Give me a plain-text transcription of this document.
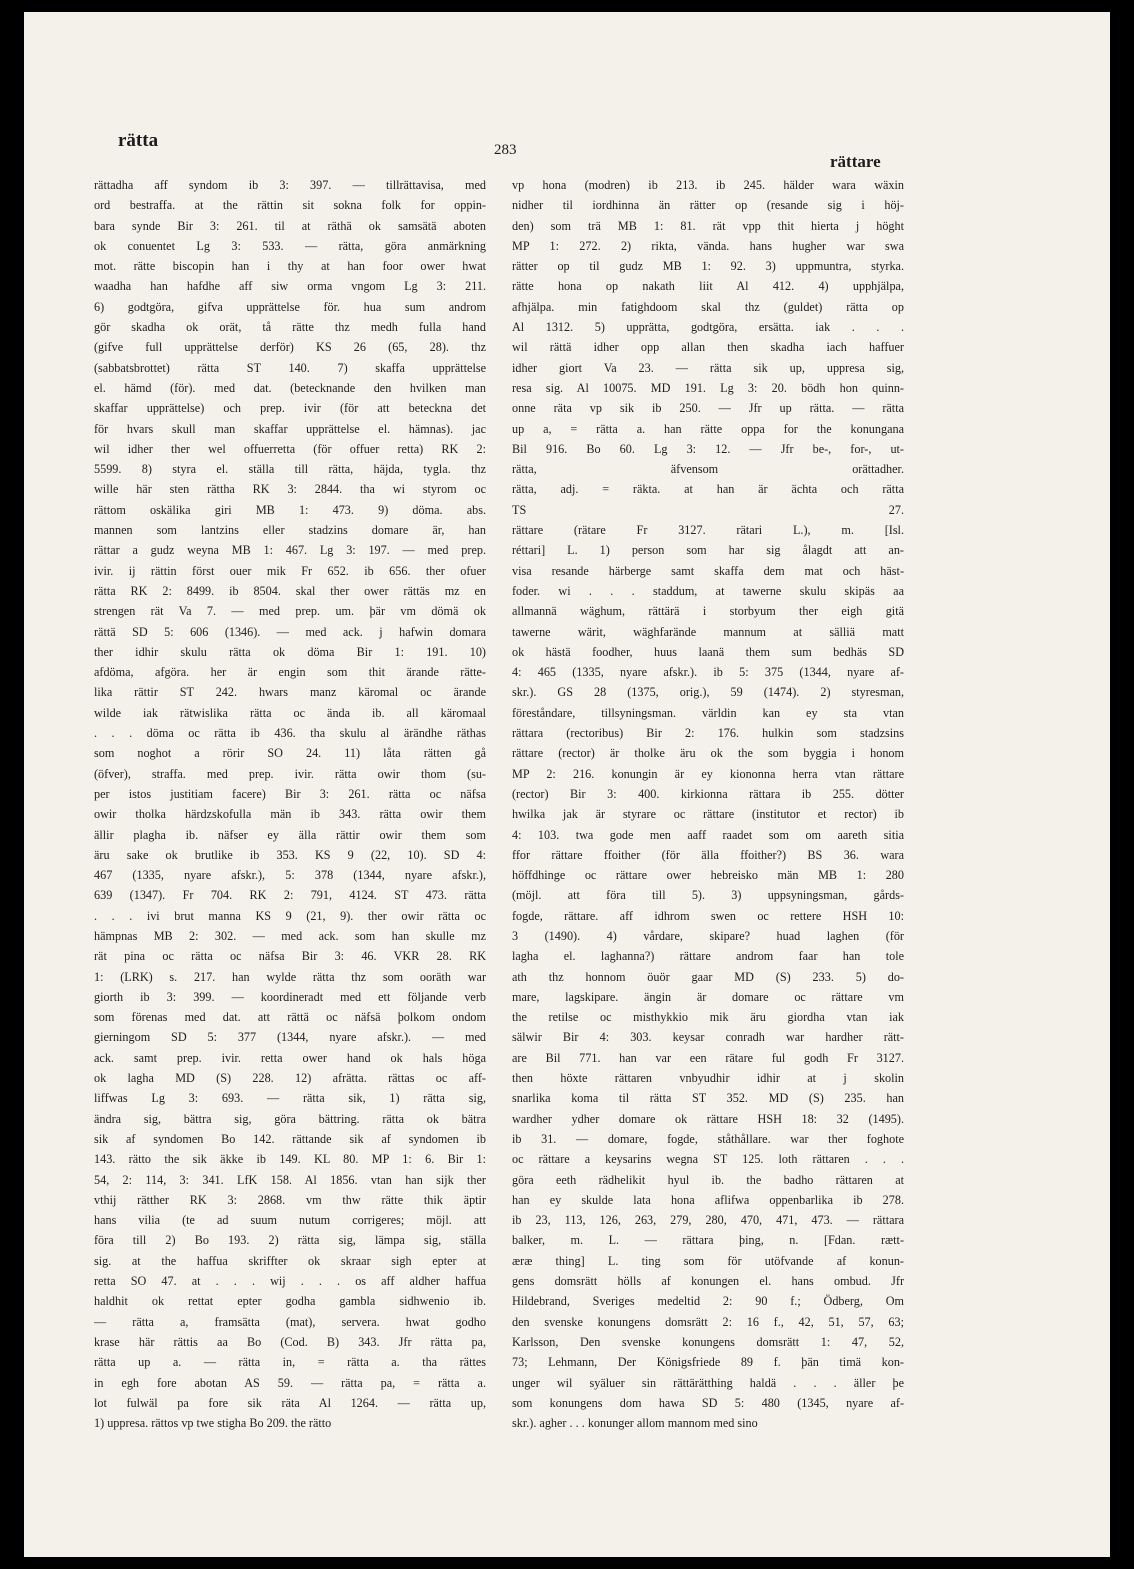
rätta	283
rättare
rättadha aff syndom ib 3: 397. — tillrättavisa, med
ord bestraffa. at the rättin sit sokna folk for oppin-
bara synde Bir 3: 261. til at räthä ok samsätä aboten
ok conuentet Lg 3: 533. — rätta, göra anmärkning
mot. rätte biscopin han i thy at han foor ower hwat
waadha han hafdhe aff siw orma vngom Lg 3: 211.
6) godtgöra, gifva upprättelse för. hua sum androm
gör skadha ok orät, tå rätte thz medh fulla hand
(gifve full upprättelse derför) KS 26 (65, 28). thz
(sabbatsbrottet) rätta ST 140. 7) skaffa upprättelse
el. hämd (för). med dat. (betecknande den hvilken man
skaffar upprättelse) och prep. ivir (för att beteckna det
för hvars skull man skaffar upprättelse el. hämnas). jac
wil idher ther wel offuerretta (för offuer retta) RK 2:
5599. 8) styra el. ställa till rätta, häjda, tygla. thz
wille här sten rättha RK 3: 2844. tha wi styrom oc
rättom oskälika giri MB 1: 473. 9) döma. abs.
mannen som lantzins eller stadzins domare är, han
rättar a gudz weyna MB 1: 467. Lg 3: 197. — med prep.
ivir. ij rättin först ouer mik Fr 652. ib 656. ther ofuer
rätta RK 2: 8499. ib 8504. skal ther ower rättäs mz en
strengen rät Va 7. — med prep. um. þär vm dömä ok
rättä SD 5: 606 (1346). — med ack. j hafwin domara
ther idhir skulu rätta ok döma Bir 1: 191. 10)
afdöma, afgöra. her är engin som thit ärande rätte-
lika rättir ST 242. hwars manz käromal oc ärande
wilde iak rätwislika rätta oc ända ib. all käromaal
. . . döma oc rätta ib 436. tha skulu al ärändhe räthas
som noghot a rörir SO 24. 11) låta rätten gå
(öfver), straffa. med prep. ivir. rätta owir thom (su-
per istos justitiam facere) Bir 3: 261. rätta oc näfsa
owir tholka härdzskofulla män ib 343. rätta owir them
ällir plagha ib. näfser ey älla rättir owir them som
äru sake ok brutlike ib 353. KS 9 (22, 10). SD 4:
467 (1335, nyare afskr.), 5: 378 (1344, nyare afskr.),
639 (1347). Fr 704. RK 2: 791, 4124. ST 473. rätta
. . . ivi brut manna KS 9 (21, 9). ther owir rätta oc
hämpnas MB 2: 302. — med ack. som han skulle mz
rät pina oc rätta oc näfsa Bir 3: 46. VKR 28. RK
1: (LRK) s. 217. han wylde rätta thz som ooräth war
giorth ib 3: 399. — koordineradt med ett följande verb
som förenas med dat. att rättä oc näfsä þolkom ondom
gierningom SD 5: 377 (1344, nyare afskr.). — med
ack. samt prep. ivir. retta ower hand ok hals höga
ok lagha MD (S) 228. 12) afrätta. rättas oc aff-
liffwas Lg 3: 693. — rätta sik, 1) rätta sig,
ändra sig, bättra sig, göra bättring. rätta ok bätra
sik af syndomen Bo 142. rättande sik af syndomen ib
143. rätto the sik äkke ib 149. KL 80. MP 1: 6. Bir 1:
54, 2: 114, 3: 341. LfK 158. Al 1856. vtan han sijk ther
vthij rätther RK 3: 2868. vm thw rätte thik äptir
hans vilia (te ad suum nutum corrigeres; möjl. att
föra till 2) Bo 193. 2) rätta sig, lämpa sig, ställa
sig. at the haffua skriffter ok skraar sigh epter at
retta SO 47. at . . . wij . . . os aff aldher haffua
haldhit ok rettat epter godha gambla sidhwenio ib.
— rätta a, framsätta (mat), servera. hwat godho
krase här rättis aa Bo (Cod. B) 343. Jfr rätta pa,
rätta up a. — rätta in, = rätta a. tha rättes
in egh fore abotan AS 59. — rätta pa, = rätta a.
lot fulwäl pa fore sik räta Al 1264. — rätta up,
1) uppresa. rättos vp twe stigha Bo 209. the rätto
vp hona (modren) ib 213. ib 245. hälder wara wäxin
nidher til iordhinna än rätter op (resande sig i höj-
den) som trä MB 1: 81. rät vpp thit hierta j höght
MP 1: 272. 2) rikta, vända. hans hugher war swa
rätter op til gudz MB 1: 92. 3) uppmuntra, styrka.
rätte hona op nakath liit Al 412. 4) upphjälpa,
afhjälpa. min fatighdoom skal thz (guldet) rätta op
Al 1312. 5) upprätta, godtgöra, ersätta. iak . . .
wil rättä idher opp allan then skadha iach haffuer
idher giort Va 23. — rätta sik up, uppresa sig,
resa sig. Al 10075. MD 191. Lg 3: 20. bödh hon quinn-
onne räta vp sik ib 250. — Jfr up rätta. — rätta
up a, = rätta a. han rätte oppa for the konungana
Bil 916. Bo 60. Lg 3: 12. — Jfr be-, for-, ut-
rätta, äfvensom orättadher.
rätta, adj. = räkta. at han är ächta och rätta
TS 27.
rättare (rätare Fr 3127. rätari L.), m. [Isl.
réttari] L. 1) person som har sig ålagdt att an-
visa resande härberge samt skaffa dem mat och häst-
foder. wi . . . staddum, at tawerne skulu skipäs aa
allmannä wäghum, rättärä i storbyum ther eigh gitä
tawerne wärit, wäghfarände mannum at sälliä matt
ok hästä foodher, huus laanä them sum bedhäs SD
4: 465 (1335, nyare afskr.). ib 5: 375 (1344, nyare af-
skr.). GS 28 (1375, orig.), 59 (1474). 2) styresman,
föreståndare, tillsyningsman. världin kan ey sta vtan
rättara (rectoribus) Bir 2: 176. hulkin som stadzsins
rättare (rector) är tholke äru ok the som byggia i honom
MP 2: 216. konungin är ey kiononna herra vtan rättare
(rector) Bir 3: 400. kirkionna rättara ib 255. dötter
hwilka jak är styrare oc rättare (institutor et rector) ib
4: 103. twa gode men aaff raadet som om aareth sitia
ffor rättare ffoither (för älla ffoither?) BS 36. wara
höffdhinge oc rättare ower hebreisko män MB 1: 280
(möjl. att föra till 5). 3) uppsyningsman, gårds-
fogde, rättare. aff idhrom swen oc rettere HSH 10:
3 (1490). 4) vårdare, skipare? huad laghen (för
lagha el. laghanna?) rättare androm faar han tole
ath thz honnom öuör gaar MD (S) 233. 5) do-
mare, lagskipare. ängin är domare oc rättare vm
the retilse oc misthykkio mik äru giordha vtan iak
sälwir Bir 4: 303. keysar conradh war hardher rätt-
are Bil 771. han var een rätare ful godh Fr 3127.
then höxte rättaren vnbyudhir idhir at j skolin
snarlika koma til rätta ST 352. MD (S) 235. han
wardher ydher domare ok rättare HSH 18: 32 (1495).
ib 31. — domare, fogde, ståthållare. war ther foghote
oc rättare a keysarins wegna ST 125. loth rättaren . . .
göra eeth rädhelikit hyul ib. the badho rättaren at
han ey skulde lata hona aflifwa oppenbarlika ib 278.
ib 23, 113, 126, 263, 279, 280, 470, 471, 473. — rättara
balker, m. L. — rättara þing, n. [Fdan. rætt-
æræ thing] L. ting som för utöfvande af konun-
gens domsrätt hölls af konungen el. hans ombud. Jfr
Hildebrand, Sveriges medeltid 2: 90 f.; Ödberg, Om
den svenske konungens domsrätt 2: 16 f., 42, 51, 57, 63;
Karlsson, Den svenske konungens domsrätt 1: 47, 52,
73; Lehmann, Der Königsfriede 89 f. þän timä kon-
unger wil syäluer sin rättärätthing haldä . . . äller þe
som konungens dom hawa SD 5: 480 (1345, nyare af-
skr.). agher . . . konunger allom mannom med sino
